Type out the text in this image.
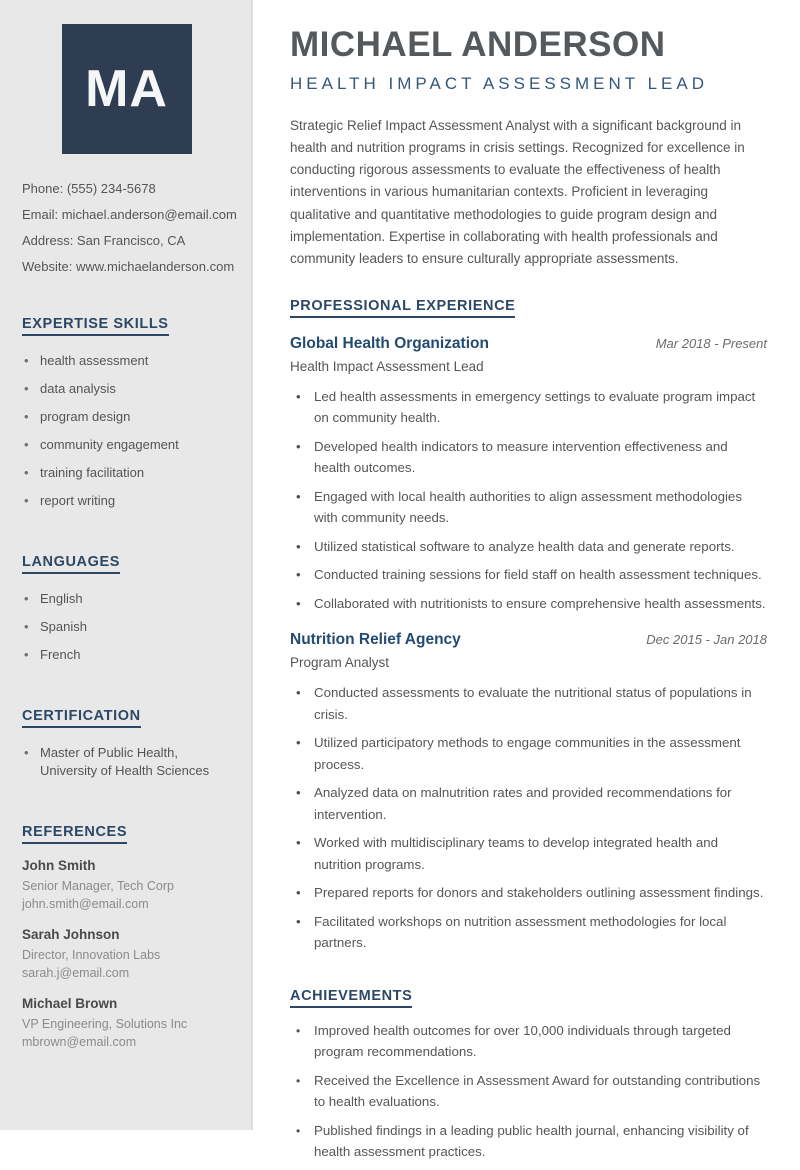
MA
Phone: (555) 234-5678
Email: michael.anderson@email.com
Address: San Francisco, CA
Website: www.michaelanderson.com
EXPERTISE SKILLS
• health assessment
• data analysis
• program design
• community engagement
• training facilitation
• report writing
LANGUAGES
• English
• Spanish
• French
CERTIFICATION
• Master of Public Health, University of Health Sciences
REFERENCES
John Smith
Senior Manager, Tech Corp
john.smith@email.com
Sarah Johnson
Director, Innovation Labs
sarah.j@email.com
Michael Brown
VP Engineering, Solutions Inc
mbrown@email.com
MICHAEL ANDERSON
HEALTH IMPACT ASSESSMENT LEAD

Strategic Relief Impact Assessment Analyst with a significant background in health and nutrition programs in crisis settings. Recognized for excellence in conducting rigorous assessments to evaluate the effectiveness of health interventions in various humanitarian contexts. Proficient in leveraging qualitative and quantitative methodologies to guide program design and implementation. Expertise in collaborating with health professionals and community leaders to ensure culturally appropriate assessments.

PROFESSIONAL EXPERIENCE
Global Health Organization	Mar 2018 - Present
Health Impact Assessment Lead
• Led health assessments in emergency settings to evaluate program impact on community health.
• Developed health indicators to measure intervention effectiveness and health outcomes.
• Engaged with local health authorities to align assessment methodologies with community needs.
• Utilized statistical software to analyze health data and generate reports.
• Conducted training sessions for field staff on health assessment techniques.
• Collaborated with nutritionists to ensure comprehensive health assessments.
Nutrition Relief Agency	Dec 2015 - Jan 2018
Program Analyst
• Conducted assessments to evaluate the nutritional status of populations in crisis.
• Utilized participatory methods to engage communities in the assessment process.
• Analyzed data on malnutrition rates and provided recommendations for intervention.
• Worked with multidisciplinary teams to develop integrated health and nutrition programs.
• Prepared reports for donors and stakeholders outlining assessment findings.
• Facilitated workshops on nutrition assessment methodologies for local partners.
ACHIEVEMENTS
• Improved health outcomes for over 10,000 individuals through targeted program recommendations.
• Received the Excellence in Assessment Award for outstanding contributions to health evaluations.
• Published findings in a leading public health journal, enhancing visibility of health assessment practices.
